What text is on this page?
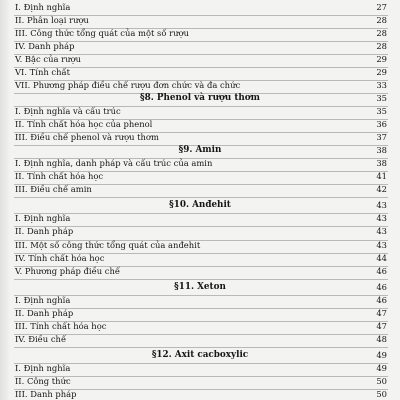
I. Định nghĩa	27
II. Phân loại rượu	28
III. Công thức tổng quát của một số rượu	28
IV. Danh pháp	28
V. Bậc của rượu	29
VI. Tính chất	29
VII. Phương pháp điều chế rượu đơn chức và đa chức	33
§8. Phenol và rượu thơm	35
I. Định nghĩa và cấu trúc	35
II. Tính chất hóa học của phenol	36
III. Điều chế phenol và rượu thơm	37
§9. Amin	38
I. Định nghĩa, danh pháp và cấu trúc của amin	38
II. Tính chất hóa học	41
III. Điều chế amin	42
§10. Anđehit	43
I. Định nghĩa	43
II. Danh pháp	43
III. Một số công thức tổng quát của anđehit	43
IV. Tính chất hóa học	44
V. Phương pháp điều chế	46
§11. Xeton	46
I. Định nghĩa	46
II. Danh pháp	47
III. Tính chất hóa học	47
IV. Điều chế	48
§12. Axit cacboxylic	49
I. Định nghĩa	49
II. Công thức	50
III. Danh pháp	50
